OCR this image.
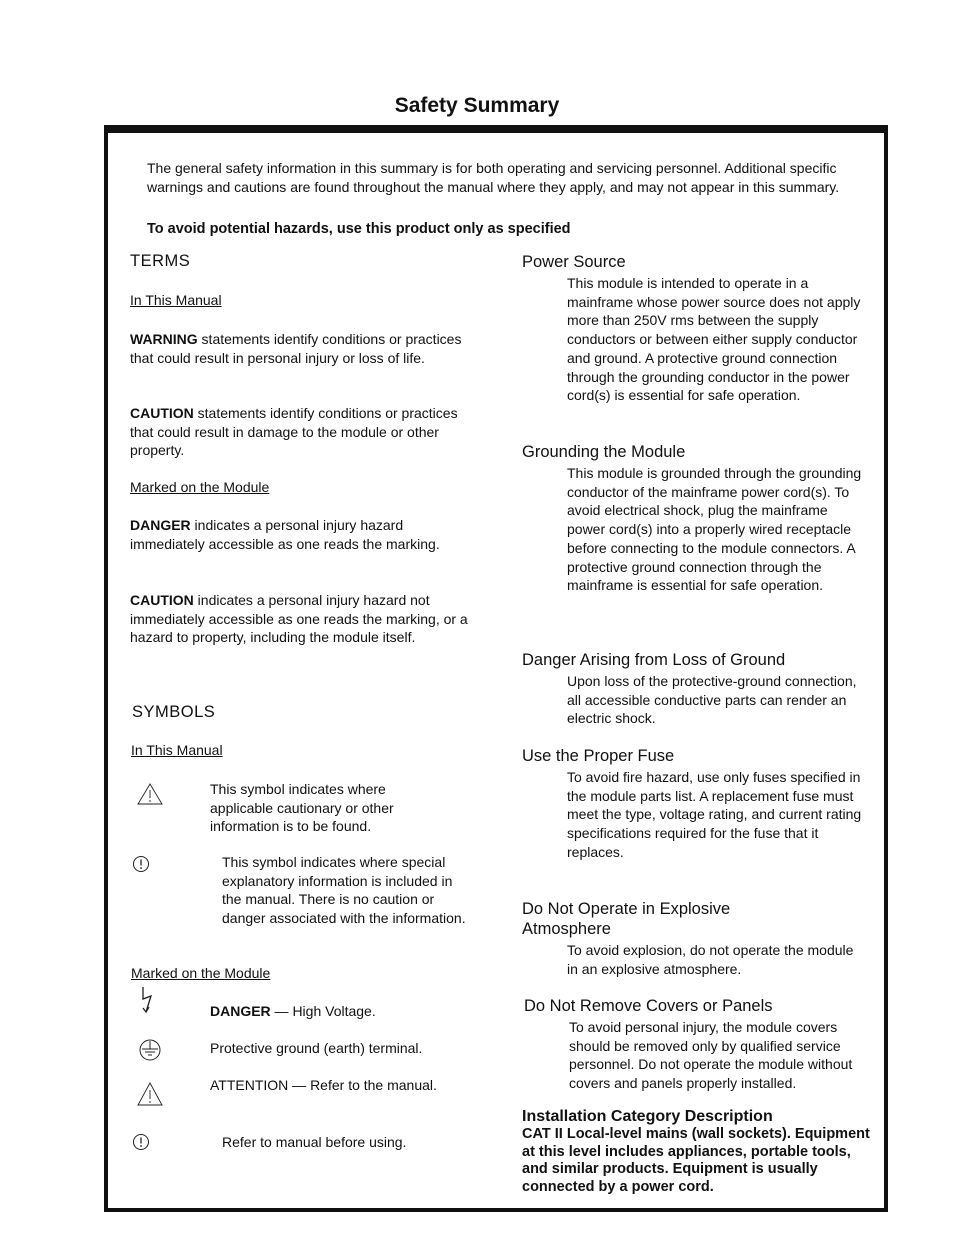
Safety Summary
The general safety information in this summary is for both operating and servicing personnel. Additional specific warnings and cautions are found throughout the manual where they apply, and may not appear in this summary.
To avoid potential hazards, use this product only as specified
TERMS
In This Manual
WARNING statements identify conditions or practices that could result in personal injury or loss of life.
CAUTION statements identify conditions or practices that could result in damage to the module or other property.
Marked on the Module
DANGER indicates a personal injury hazard immediately accessible as one reads the marking.
CAUTION indicates a personal injury hazard not immediately accessible as one reads the marking, or a hazard to property, including the module itself.
SYMBOLS
In This Manual
This symbol indicates where applicable cautionary or other information is to be found.
This symbol indicates where special explanatory information is included in the manual. There is no caution or danger associated with the information.
Marked on the Module
DANGER — High Voltage.
Protective ground (earth) terminal.
ATTENTION — Refer to the manual.
Refer to manual before using.
Power Source
This module is intended to operate in a mainframe whose power source does not apply more than 250V rms between the supply conductors or between either supply conductor and ground. A protective ground connection through the grounding conductor in the power cord(s) is essential for safe operation.
Grounding the Module
This module is grounded through the grounding conductor of the mainframe power cord(s). To avoid electrical shock, plug the mainframe power cord(s) into a properly wired receptacle before connecting to the module connectors. A protective ground connection through the mainframe is essential for safe operation.
Danger Arising from Loss of Ground
Upon loss of the protective-ground connection, all accessible conductive parts can render an electric shock.
Use the Proper Fuse
To avoid fire hazard, use only fuses specified in the module parts list. A replacement fuse must meet the type, voltage rating, and current rating specifications required for the fuse that it replaces.
Do Not Operate in Explosive Atmosphere
To avoid explosion, do not operate the module in an explosive atmosphere.
Do Not Remove Covers or Panels
To avoid personal injury, the module covers should be removed only by qualified service personnel. Do not operate the module without covers and panels properly installed.
Installation Category Description
CAT II Local-level mains (wall sockets). Equipment at this level includes appliances, portable tools, and similar products. Equipment is usually connected by a power cord.
